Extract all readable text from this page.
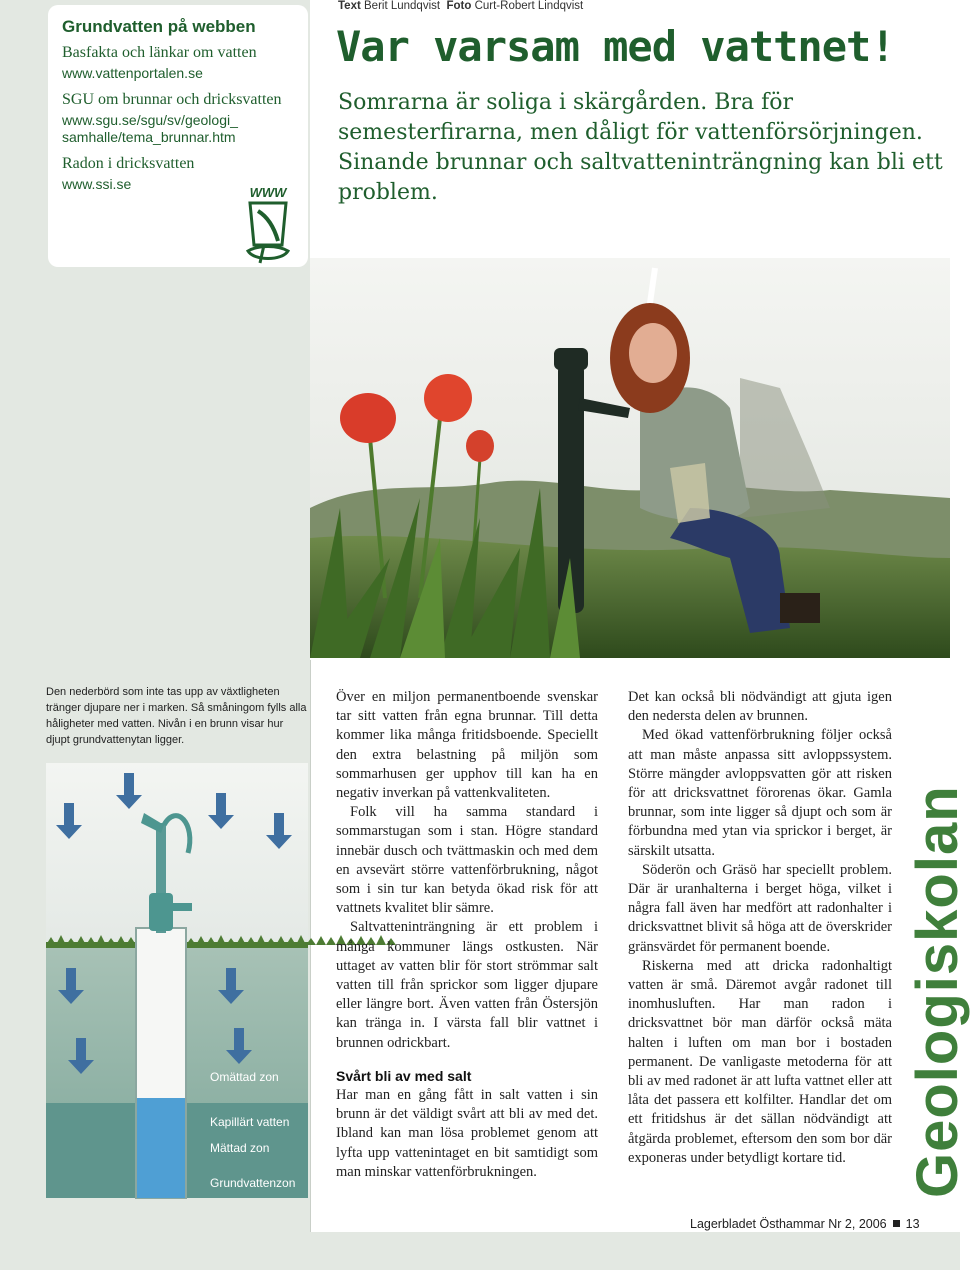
Grundvatten på webben
Basfakta och länkar om vatten
www.vattenportalen.se
SGU om brunnar och dricksvatten
www.sgu.se/sgu/sv/geologi_ samhalle/tema_brunnar.htm
Radon i dricksvatten
www.ssi.se
WWW
Text Berit Lundqvist Foto Curt-Robert Lindqvist
Var varsam med vattnet!
Somrarna är soliga i skärgården. Bra för semesterfirarna, men dåligt för vattenförsörjningen. Sinande brunnar och saltvatteninträngning kan bli ett problem.
Den nederbörd som inte tas upp av växtligheten tränger djupare ner i marken. Så småningom fylls alla håligheter med vatten. Nivån i en brunn visar hur djupt grundvattenytan ligger.
Omättad zon
Kapillärt vatten
Mättad zon
Grundvattenzon

Över en miljon permanentboende svenskar tar sitt vatten från egna brunnar. Till detta kommer lika många fritidsboende. Speciellt den extra belastning på miljön som sommarhusen ger upphov till kan ha en negativ inverkan på vattenkvaliteten.

Folk vill ha samma standard i sommarstugan som i stan. Högre standard innebär dusch och tvättmaskin och med dem en avsevärt större vattenförbrukning, något som i sin tur kan betyda ökad risk för att vattnets kvalitet blir sämre.

Saltvatteninträngning är ett problem i många kommuner längs ostkusten. När uttaget av vatten blir för stort strömmar salt vatten till från sprickor som ligger djupare eller längre bort. Även vatten från Östersjön kan tränga in. I värsta fall blir vattnet i brunnen odrickbart.

Svårt bli av med salt

Har man en gång fått in salt vatten i sin brunn är det väldigt svårt att bli av med det. Ibland kan man lösa problemet genom att lyfta upp vattenintaget en bit samtidigt som man minskar vattenförbrukningen.

Det kan också bli nödvändigt att gjuta igen den nedersta delen av brunnen.

Med ökad vattenförbrukning följer också att man måste anpassa sitt avloppssystem. Större mängder avloppsvatten gör att risken för att dricksvattnet förorenas ökar. Gamla brunnar, som inte ligger så djupt och som är förbundna med ytan via sprickor i berget, är särskilt utsatta.

Söderön och Gräsö har speciellt problem. Där är uranhalterna i berget höga, vilket i några fall även har medfört att radonhalter i dricksvattnet blivit så höga att de överskrider gränsvärdet för permanent boende.

Riskerna med att dricka radonhaltigt vatten är små. Däremot avgår radonet till inomhusluften. Har man radon i dricksvattnet bör man därför också mäta halten i luften om man bor i bostaden permanent. De vanligaste metoderna för att bli av med radonet är att lufta vattnet eller att låta det passera ett kolfilter. Handlar det om ett fritidshus är det sällan nödvändigt att åtgärda problemet, eftersom den som bor där exponeras under betydligt kortare tid.	Geologiskolan
Lagerbladet Östhammar Nr 2, 2006 13
